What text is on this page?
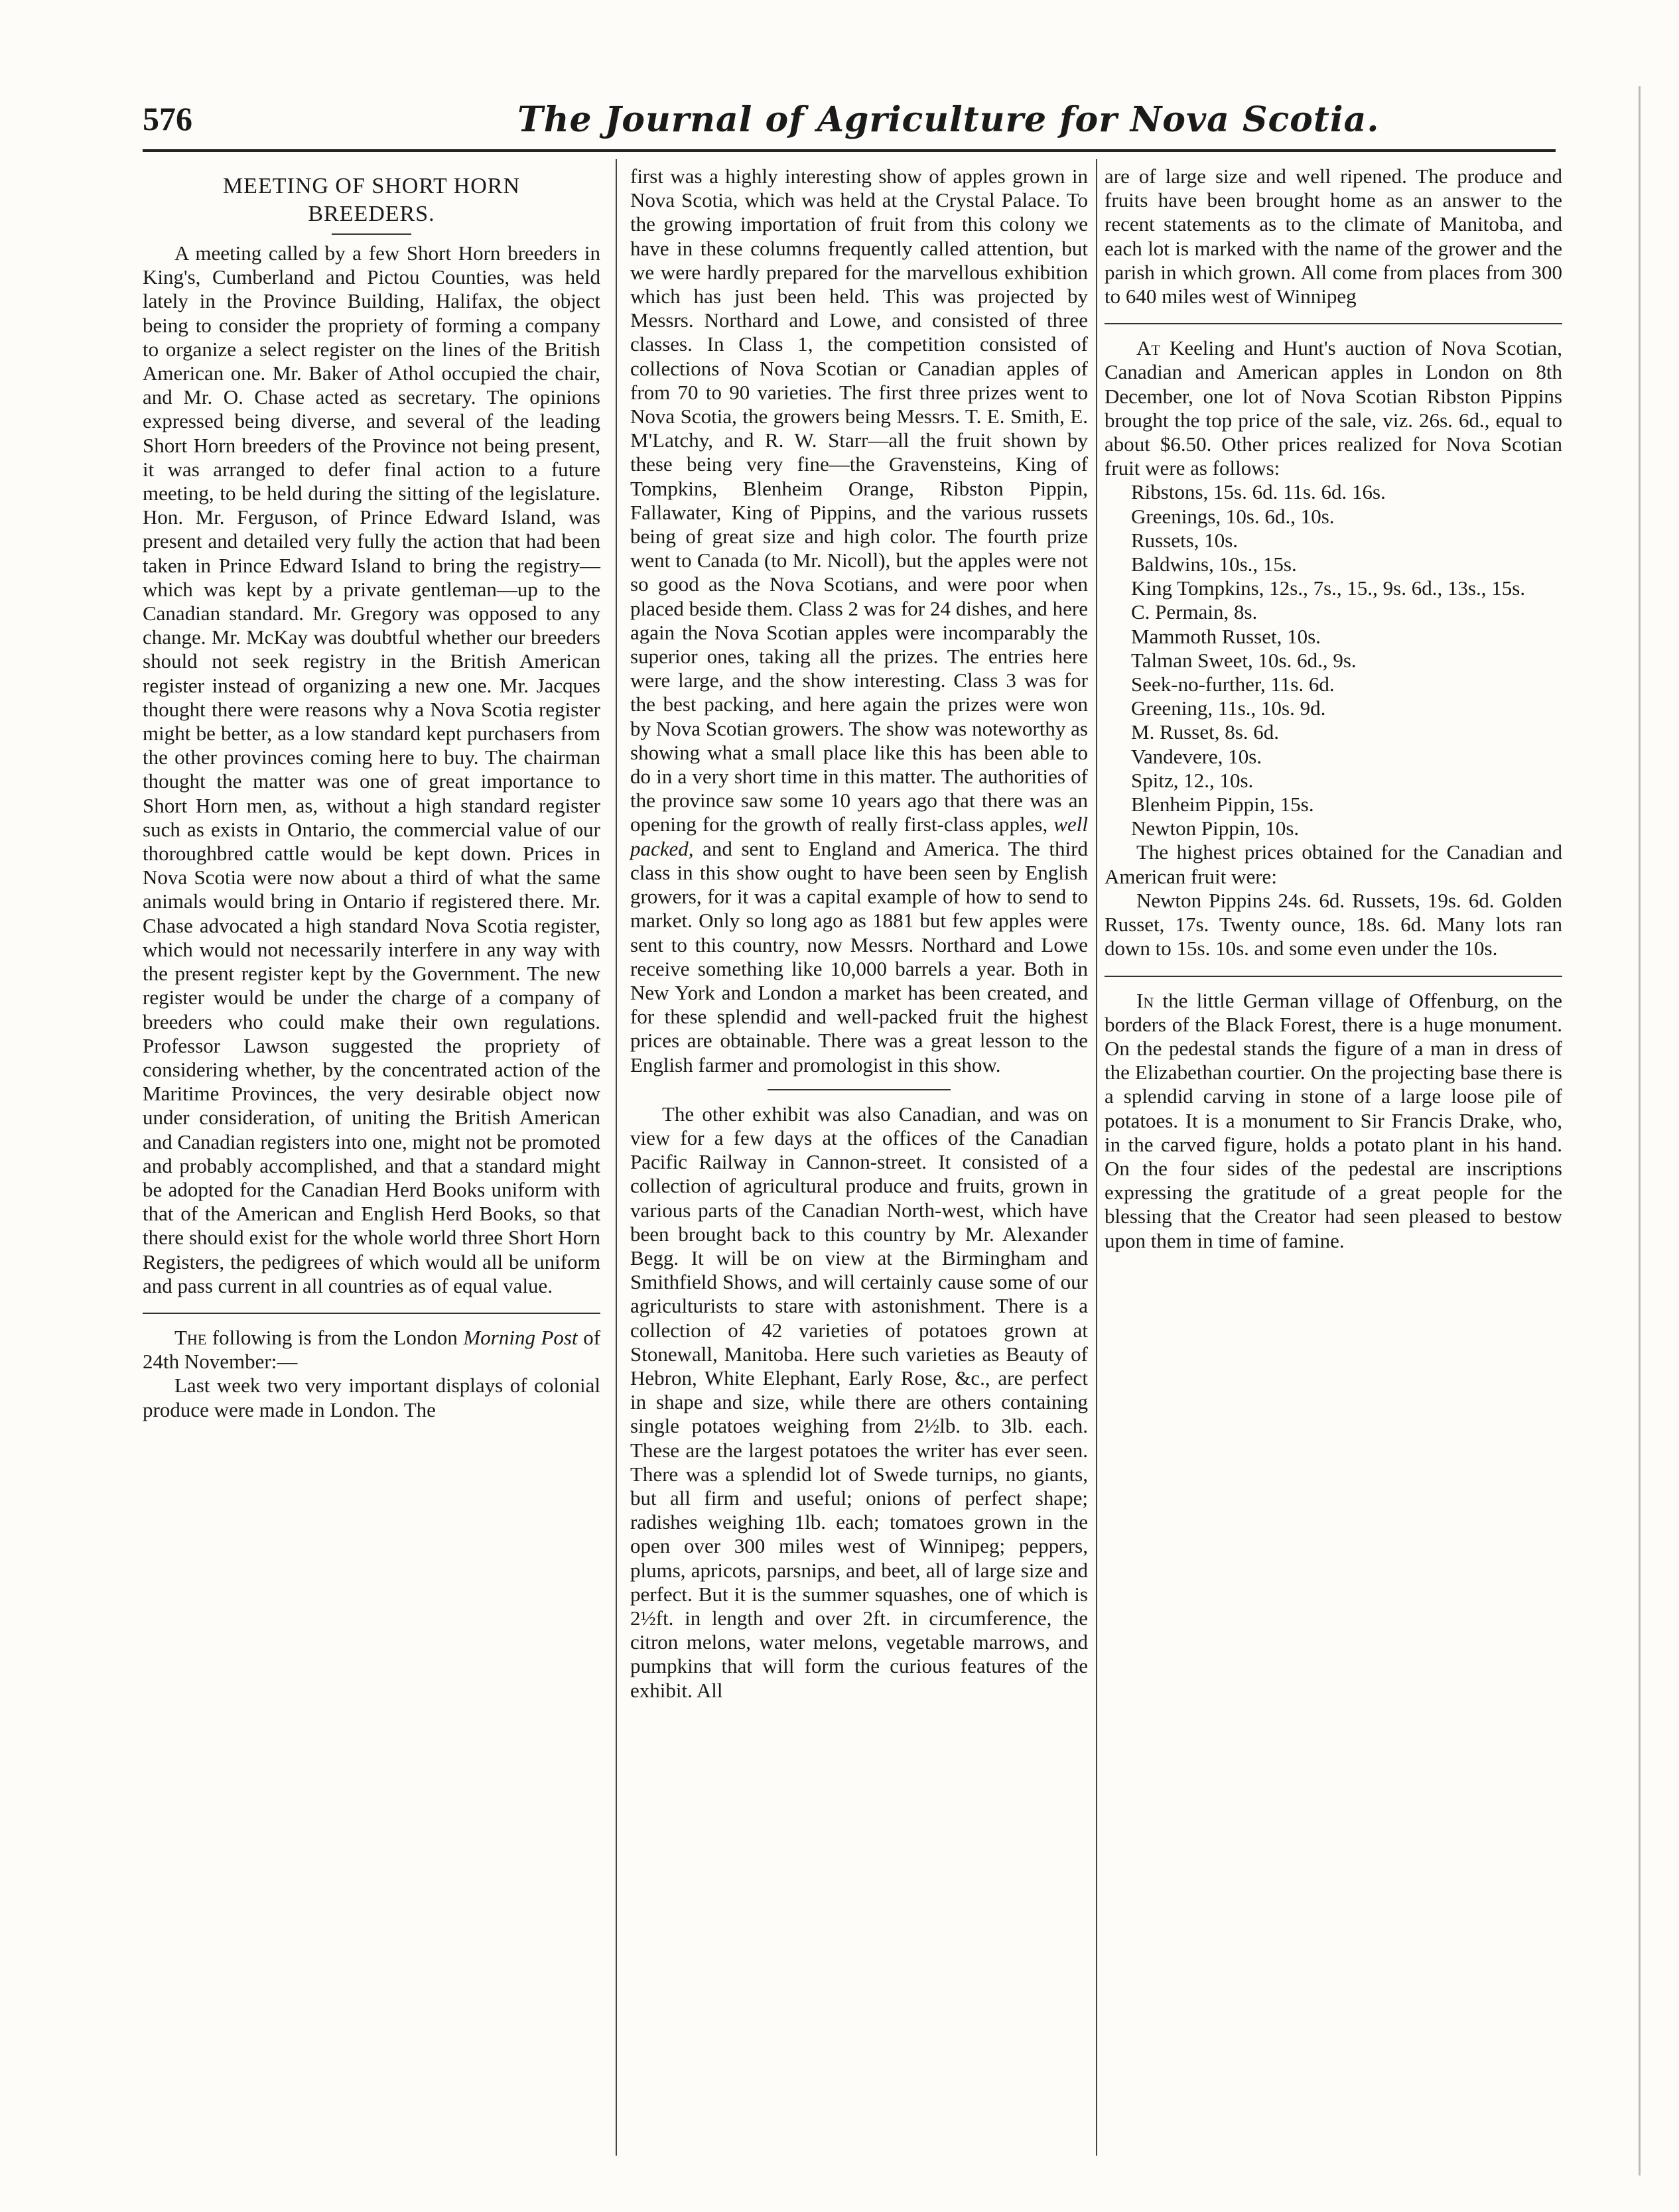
576	The Journal of Agriculture for Nova Scotia.
MEETING OF SHORT HORN
BREEDERS.

A meeting called by a few Short Horn breeders in King's, Cumberland and Pictou Counties, was held lately in the Province Building, Halifax, the object being to consider the propriety of forming a company to organize a select register on the lines of the British American one. Mr. Baker of Athol occupied the chair, and Mr. O. Chase acted as secretary. The opinions expressed being diverse, and several of the leading Short Horn breeders of the Province not being present, it was arranged to defer final action to a future meeting, to be held during the sitting of the legislature. Hon. Mr. Ferguson, of Prince Edward Island, was present and detailed very fully the action that had been taken in Prince Edward Island to bring the registry—which was kept by a private gentleman—up to the Canadian standard. Mr. Gregory was opposed to any change. Mr. McKay was doubtful whether our breeders should not seek registry in the British American register instead of organizing a new one. Mr. Jacques thought there were reasons why a Nova Scotia register might be better, as a low standard kept purchasers from the other provinces coming here to buy. The chairman thought the matter was one of great importance to Short Horn men, as, without a high standard register such as exists in Ontario, the commercial value of our thoroughbred cattle would be kept down. Prices in Nova Scotia were now about a third of what the same animals would bring in Ontario if registered there. Mr. Chase advocated a high standard Nova Scotia register, which would not necessarily interfere in any way with the present register kept by the Government. The new register would be under the charge of a company of breeders who could make their own regulations. Professor Lawson suggested the propriety of considering whether, by the concentrated action of the Maritime Provinces, the very desirable object now under consideration, of uniting the British American and Canadian registers into one, might not be promoted and probably accomplished, and that a standard might be adopted for the Canadian Herd Books uniform with that of the American and English Herd Books, so that there should exist for the whole world three Short Horn Registers, the pedigrees of which would all be uniform and pass current in all countries as of equal value.

The following is from the London Morning Post of 24th November:—

Last week two very important displays of colonial produce were made in London. The

first was a highly interesting show of apples grown in Nova Scotia, which was held at the Crystal Palace. To the growing importation of fruit from this colony we have in these columns frequently called attention, but we were hardly prepared for the marvellous exhibition which has just been held. This was projected by Messrs. Northard and Lowe, and consisted of three classes. In Class 1, the competition consisted of collections of Nova Scotian or Canadian apples of from 70 to 90 varieties. The first three prizes went to Nova Scotia, the growers being Messrs. T. E. Smith, E. M'Latchy, and R. W. Starr—all the fruit shown by these being very fine—the Gravensteins, King of Tompkins, Blenheim Orange, Ribston Pippin, Fallawater, King of Pippins, and the various russets being of great size and high color. The fourth prize went to Canada (to Mr. Nicoll), but the apples were not so good as the Nova Scotians, and were poor when placed beside them. Class 2 was for 24 dishes, and here again the Nova Scotian apples were incomparably the superior ones, taking all the prizes. The entries here were large, and the show interesting. Class 3 was for the best packing, and here again the prizes were won by Nova Scotian growers. The show was noteworthy as showing what a small place like this has been able to do in a very short time in this matter. The authorities of the province saw some 10 years ago that there was an opening for the growth of really first-class apples, well packed, and sent to England and America. The third class in this show ought to have been seen by English growers, for it was a capital example of how to send to market. Only so long ago as 1881 but few apples were sent to this country, now Messrs. Northard and Lowe receive something like 10,000 barrels a year. Both in New York and London a market has been created, and for these splendid and well-packed fruit the highest prices are obtainable. There was a great lesson to the English farmer and promologist in this show.

The other exhibit was also Canadian, and was on view for a few days at the offices of the Canadian Pacific Railway in Cannon-street. It consisted of a collection of agricultural produce and fruits, grown in various parts of the Canadian North-west, which have been brought back to this country by Mr. Alexander Begg. It will be on view at the Birmingham and Smithfield Shows, and will certainly cause some of our agriculturists to stare with astonishment. There is a collection of 42 varieties of potatoes grown at Stonewall, Manitoba. Here such varieties as Beauty of Hebron, White Elephant, Early Rose, &c., are perfect in shape and size, while there are others containing single potatoes weighing from 2½lb. to 3lb. each. These are the largest potatoes the writer has ever seen. There was a splendid lot of Swede turnips, no giants, but all firm and useful; onions of perfect shape; radishes weighing 1lb. each; tomatoes grown in the open over 300 miles west of Winnipeg; peppers, plums, apricots, parsnips, and beet, all of large size and perfect. But it is the summer squashes, one of which is 2½ft. in length and over 2ft. in circumference, the citron melons, water melons, vegetable marrows, and pumpkins that will form the curious features of the exhibit. All

are of large size and well ripened. The produce and fruits have been brought home as an answer to the recent statements as to the climate of Manitoba, and each lot is marked with the name of the grower and the parish in which grown. All come from places from 300 to 640 miles west of Winnipeg

At Keeling and Hunt's auction of Nova Scotian, Canadian and American apples in London on 8th December, one lot of Nova Scotian Ribston Pippins brought the top price of the sale, viz. 26s. 6d., equal to about $6.50. Other prices realized for Nova Scotian fruit were as follows:

Ribstons, 15s. 6d. 11s. 6d. 16s.
Greenings, 10s. 6d., 10s.
Russets, 10s.
Baldwins, 10s., 15s.
King Tompkins, 12s., 7s., 15., 9s. 6d., 13s., 15s.
C. Permain, 8s.
Mammoth Russet, 10s.
Talman Sweet, 10s. 6d., 9s.
Seek-no-further, 11s. 6d.
Greening, 11s., 10s. 9d.
M. Russet, 8s. 6d.
Vandevere, 10s.
Spitz, 12., 10s.
Blenheim Pippin, 15s.
Newton Pippin, 10s.

The highest prices obtained for the Canadian and American fruit were:

Newton Pippins 24s. 6d. Russets, 19s. 6d. Golden Russet, 17s. Twenty ounce, 18s. 6d. Many lots ran down to 15s. 10s. and some even under the 10s.

In the little German village of Offenburg, on the borders of the Black Forest, there is a huge monument. On the pedestal stands the figure of a man in dress of the Elizabethan courtier. On the projecting base there is a splendid carving in stone of a large loose pile of potatoes. It is a monument to Sir Francis Drake, who, in the carved figure, holds a potato plant in his hand. On the four sides of the pedestal are inscriptions expressing the gratitude of a great people for the blessing that the Creator had seen pleased to bestow upon them in time of famine.
